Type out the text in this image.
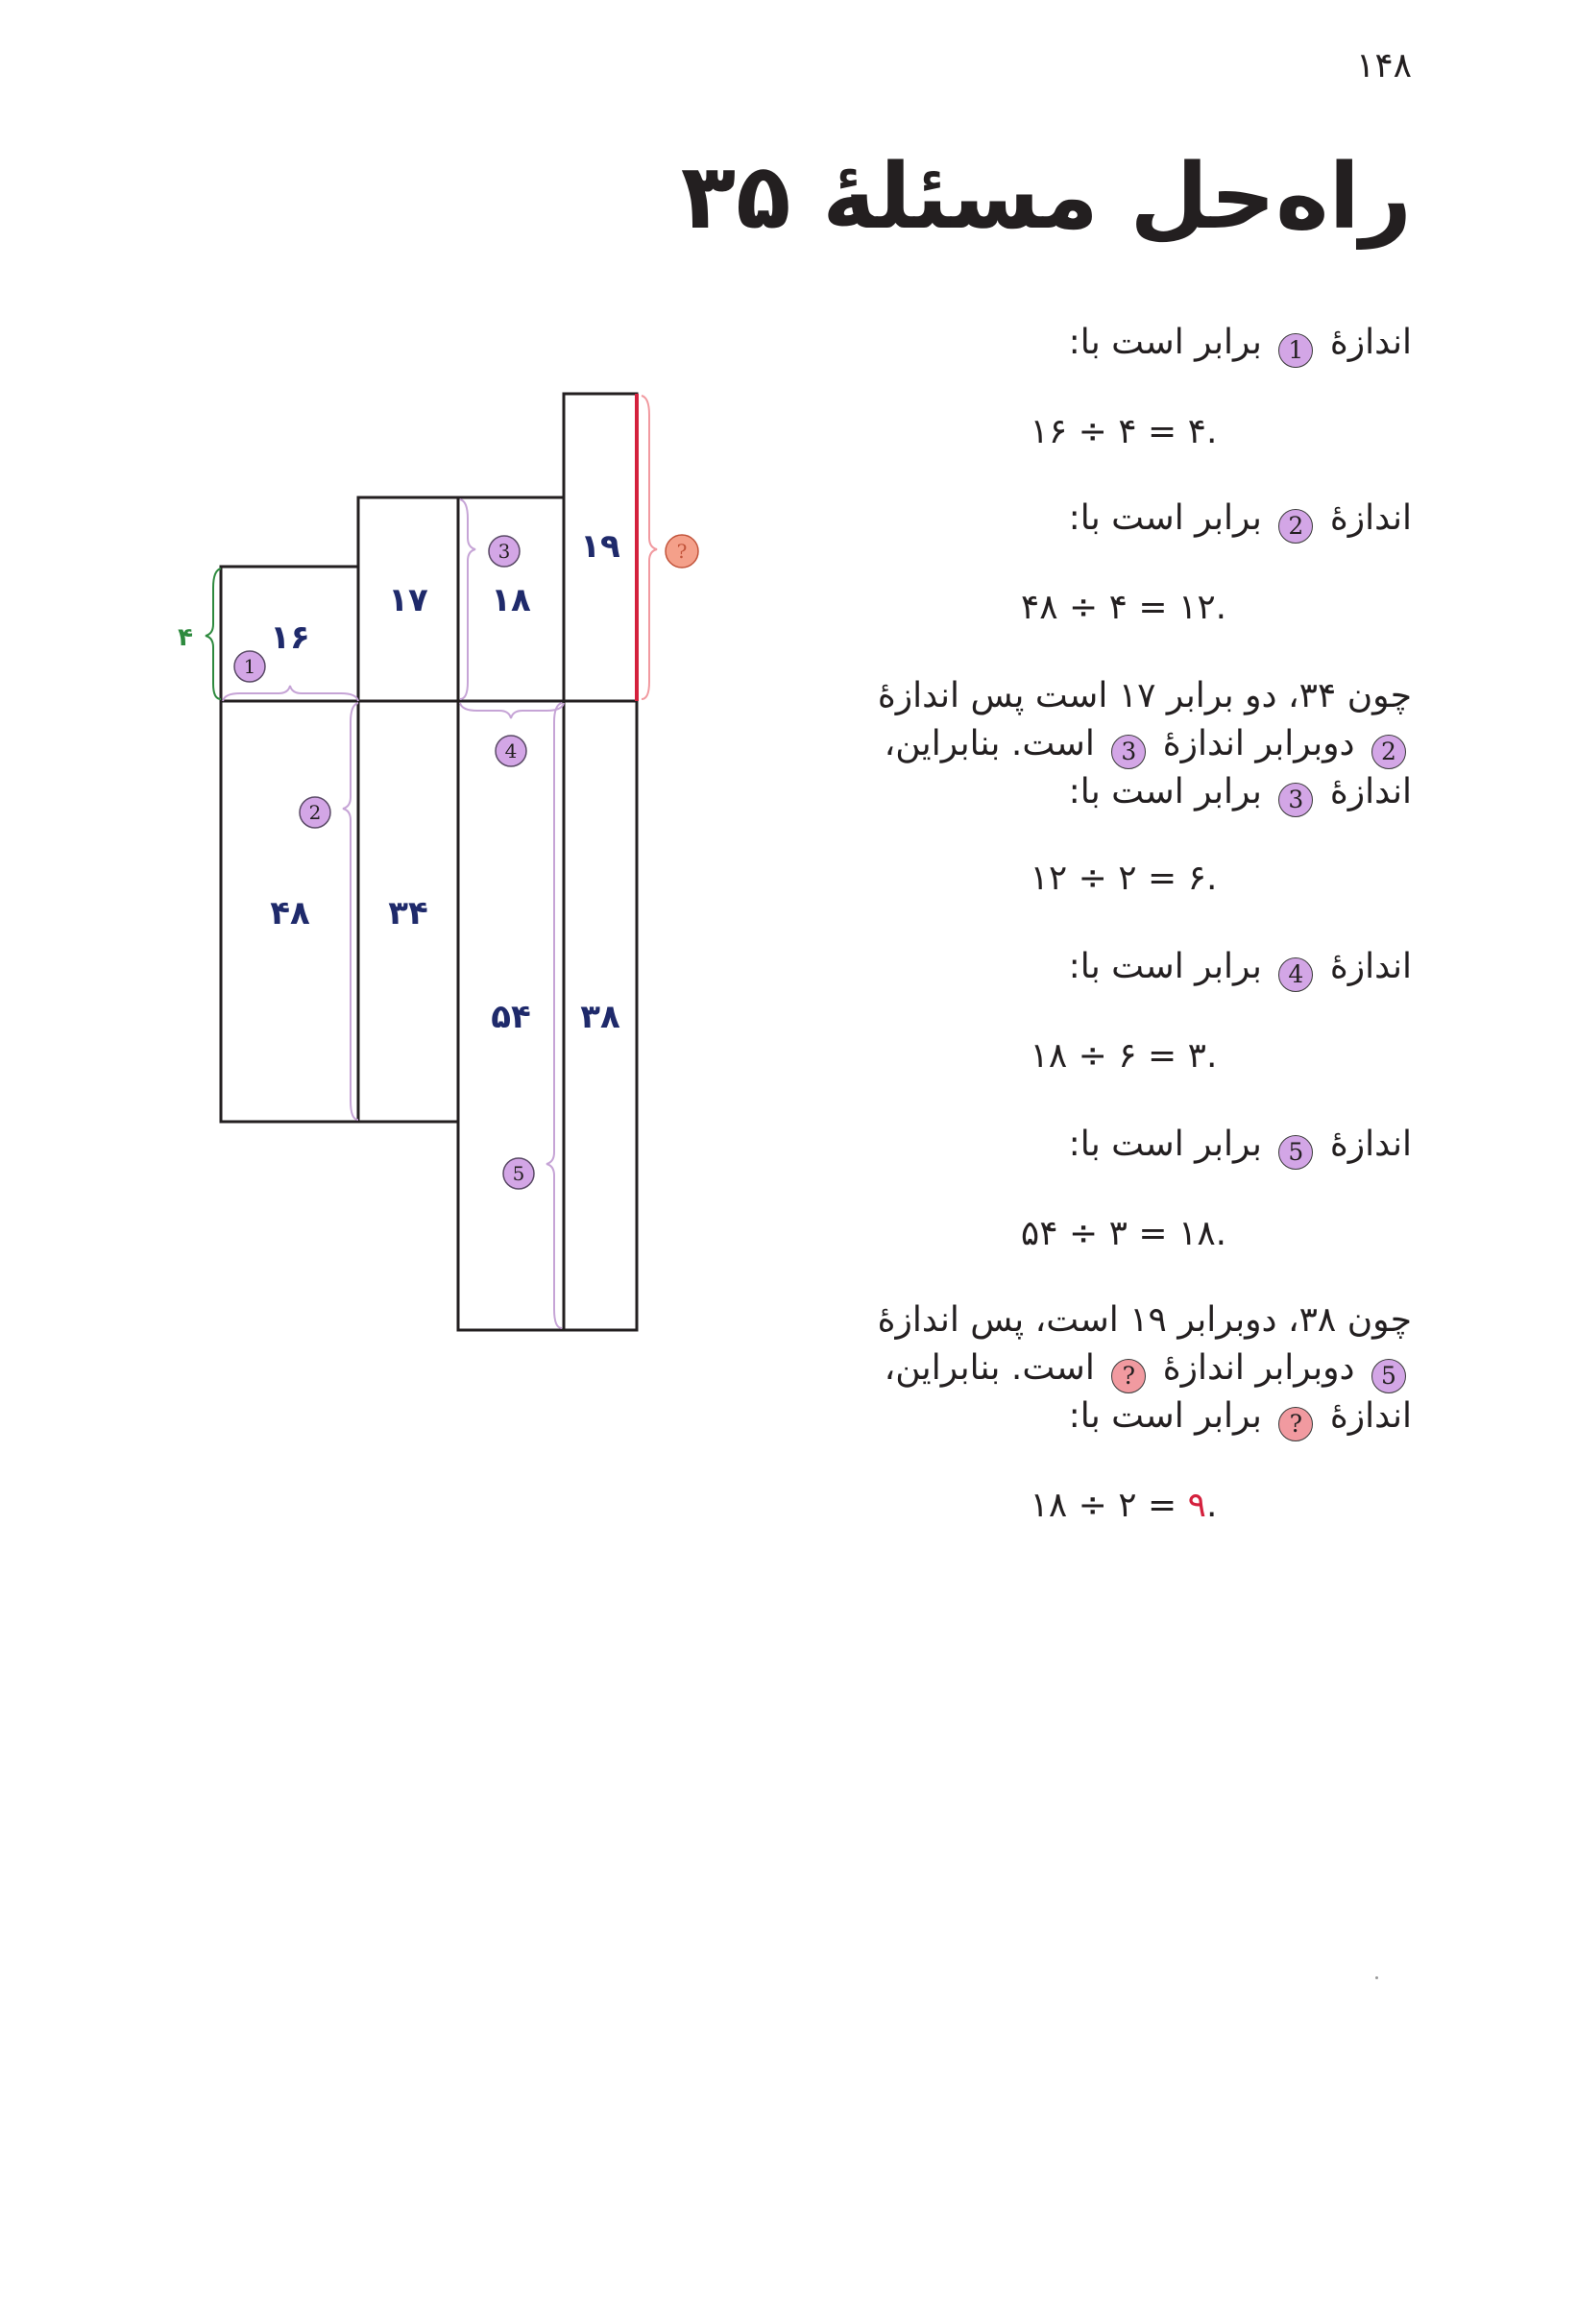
۱۴۸
راه‌حل مسئلهٔ ۳۵
اندازهٔ 1 برابر است با:
۱۶ ÷ ۴ = ۴.
اندازهٔ 2 برابر است با:
۴۸ ÷ ۴ = ۱۲.
چون ۳۴، دو برابر ۱۷ است پس اندازهٔ
2 دوبرابر اندازهٔ 3 است. بنابراین،
اندازهٔ 3 برابر است با:
۱۲ ÷ ۲ = ۶.
اندازهٔ 4 برابر است با:
۱۸ ÷ ۶ = ۳.
اندازهٔ 5 برابر است با:
۵۴ ÷ ۳ = ۱۸.
چون ۳۸، دوبرابر ۱۹ است، پس اندازهٔ
5 دوبرابر اندازهٔ ? است. بنابراین،
اندازهٔ ? برابر است با:
۱۸ ÷ ۲ = ۹.
۱۶
۱۷ ۱۸
۱۹
۴۸ ۳۴
۵۴ ۳۸
۴
1
2
3
4
5
?
